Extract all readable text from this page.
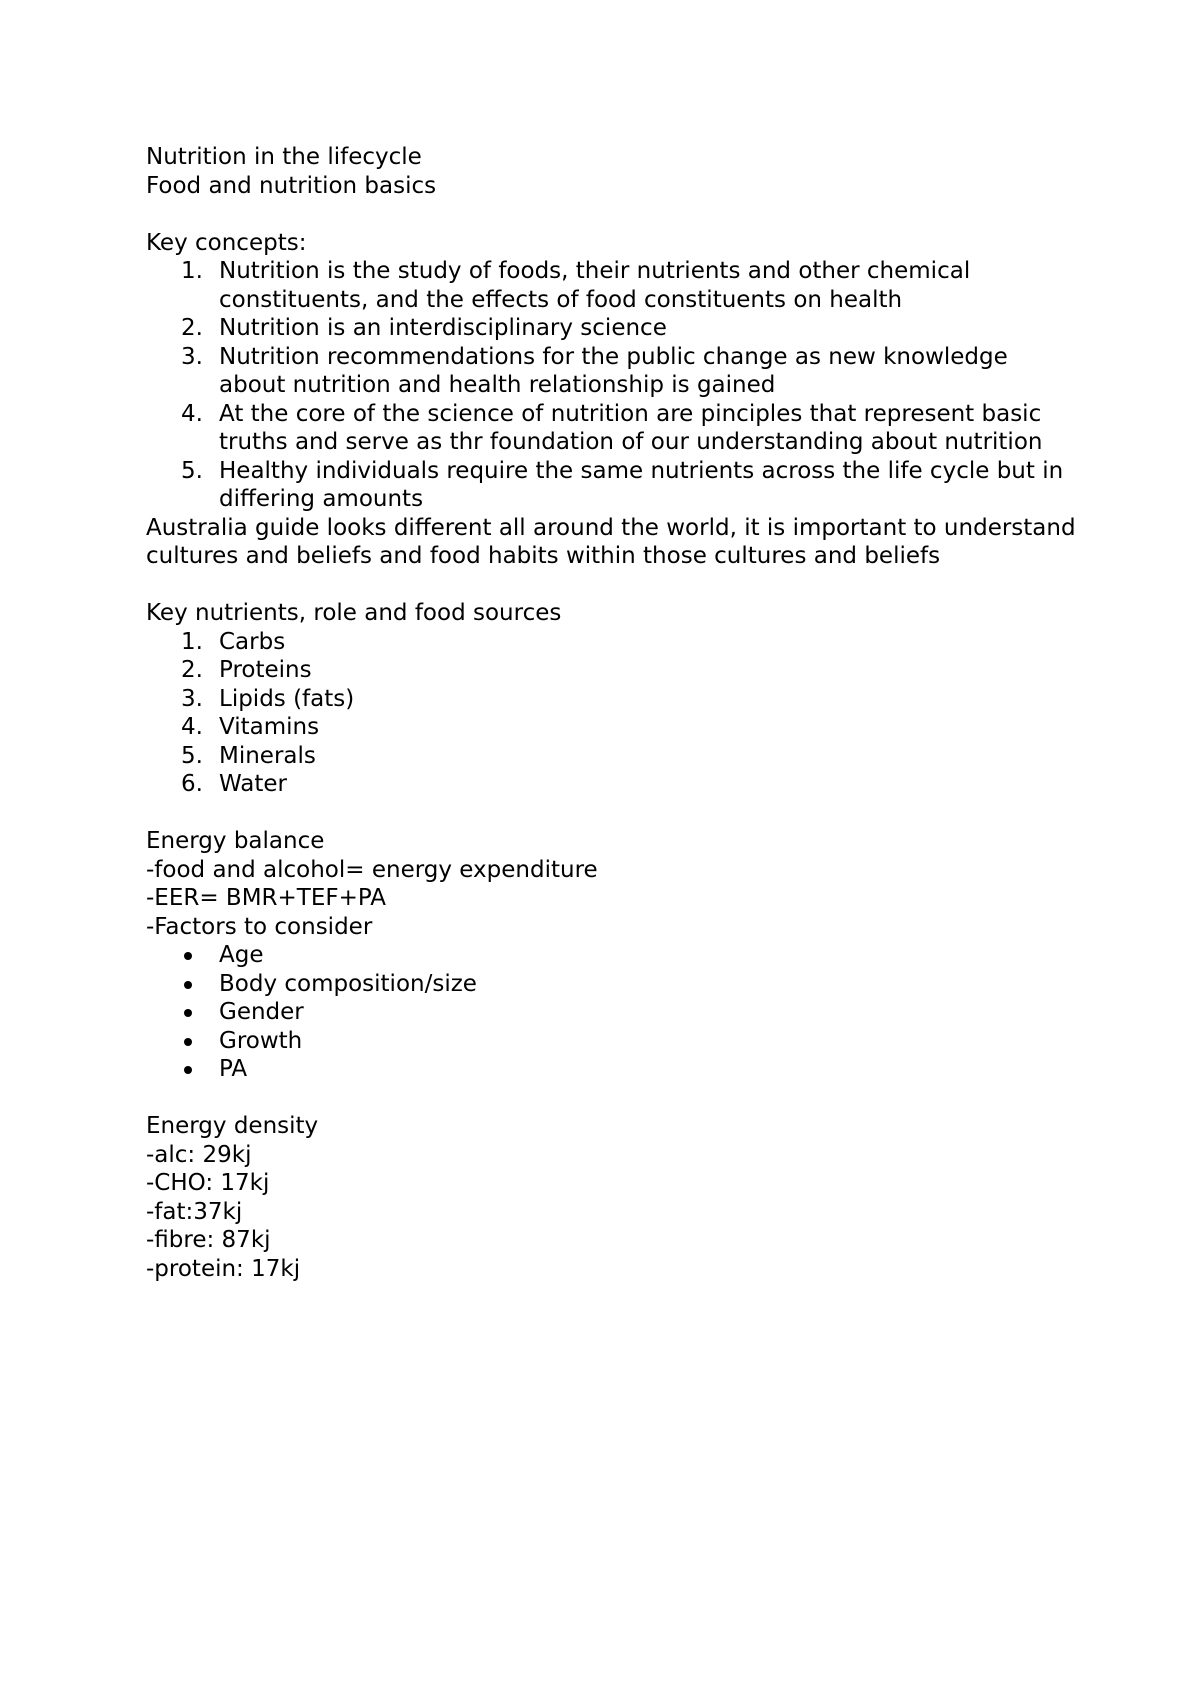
Nutrition in the lifecycle
Food and nutrition basics
Key concepts:
1. Nutrition is the study of foods, their nutrients and other chemical constituents, and the effects of food constituents on health
2. Nutrition is an interdisciplinary science
3. Nutrition recommendations for the public change as new knowledge about nutrition and health relationship is gained
4. At the core of the science of nutrition are pinciples that represent basic truths and serve as thr foundation of our understanding about nutrition
5. Healthy individuals require the same nutrients across the life cycle but in differing amounts
Australia guide looks different all around the world, it is important to understand cultures and beliefs and food habits within those cultures and beliefs
Key nutrients, role and food sources
1. Carbs
2. Proteins
3. Lipids (fats)
4. Vitamins
5. Minerals
6. Water
Energy balance
-food and alcohol= energy expenditure
-EER= BMR+TEF+PA
-Factors to consider
Age
Body composition/size
Gender
Growth
PA
Energy density
-alc: 29kj
-CHO: 17kj
-fat:37kj
-fibre: 87kj
-protein: 17kj
